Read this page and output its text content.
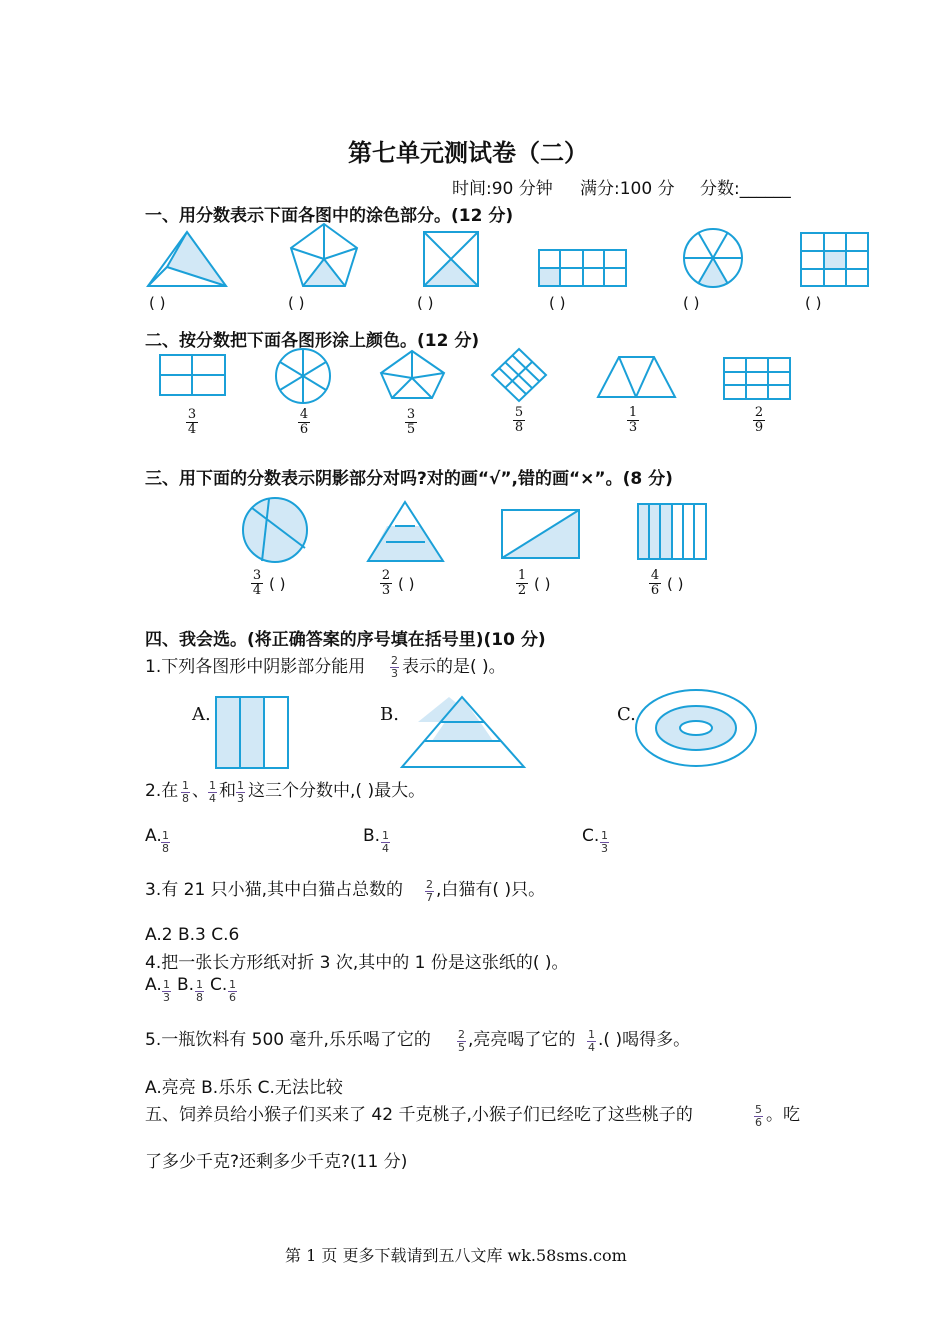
第七单元测试卷（二）
时间:90 分钟 满分:100 分 分数:______
一、用分数表示下面各图中的涂色部分。(12 分)
( )	( )	( )	( )	( )	( )
二、按分数把下面各图形涂上颜色。(12 分)
3
4
4
6
3
5
5
8
1
3
2
9
三、用下面的分数表示阴影部分对吗?对的画“√”,错的画“×”。(8 分)
3
4 ( )	2
3 ( )	1
2 ( )	4
6 ( )
四、我会选。(将正确答案的序号填在括号里)(10 分)
1.下列各图形中阴影部分能用 2
3 表示的是( )。
A.	B.	C.
2.在 1
8 、 1
4 和 1
3 这三个分数中,( )最大。
A. 1
8
B. 1
4
C. 1
3
3.有 21 只小猫,其中白猫占总数的 2
7 ,白猫有( )只。
A.2 B.3 C.6
4.把一张长方形纸对折 3 次,其中的 1 份是这张纸的( )。
A. 1
3
B. 1
8
C. 1
6
5.一瓶饮料有 500 毫升,乐乐喝了它的 2
5 ,亮亮喝了它的 1
4 .( )喝得多。
A.亮亮 B.乐乐 C.无法比较
五、饲养员给小猴子们买来了 42 千克桃子,小猴子们已经吃了这些桃子的	5
6 。吃
了多少千克?还剩多少千克?(11 分)
第 1 页 更多下载请到五八文库 wk.58sms.com
